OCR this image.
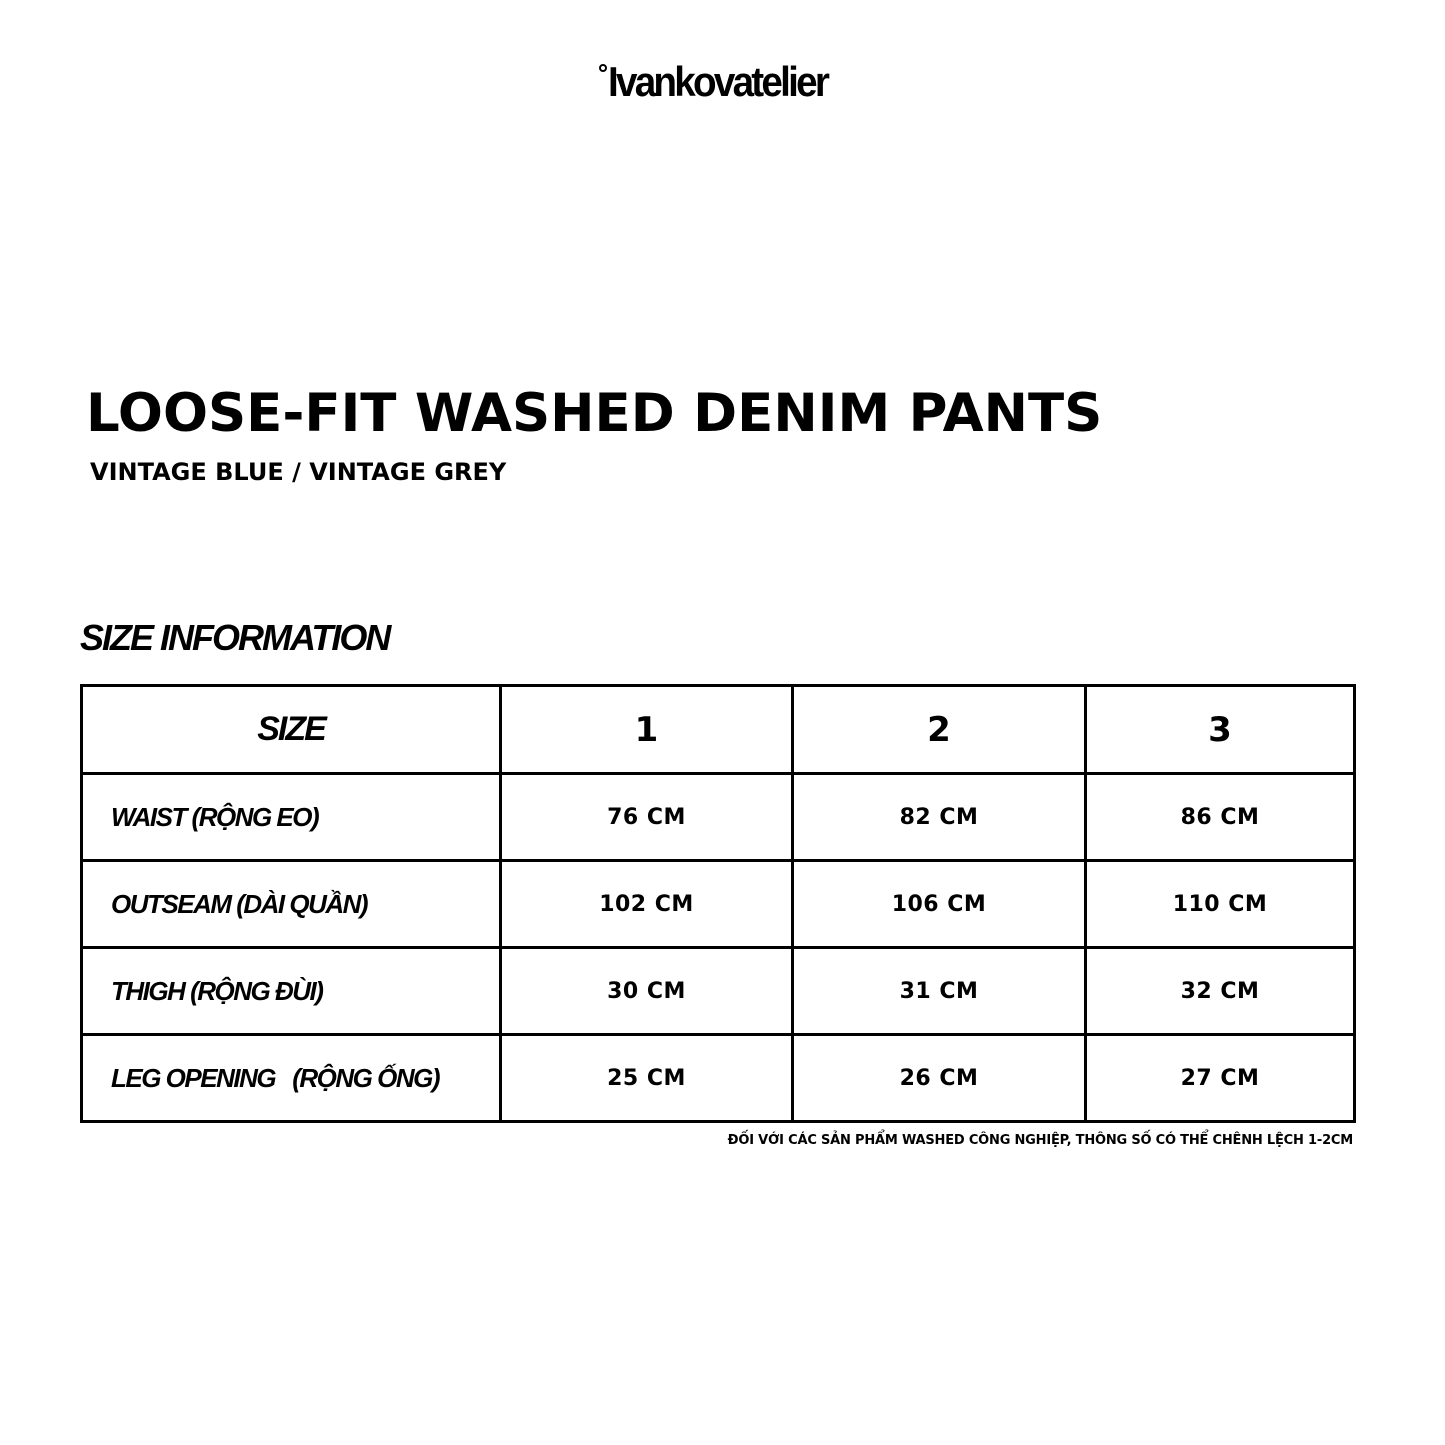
Ivankovatelier
LOOSE-FIT WASHED DENIM PANTS

VINTAGE BLUE / VINTAGE GREY

SIZE INFORMATION
SIZE	1	2	3
WAIST (RỘNG EO)	76 CM	82 CM	86 CM
OUTSEAM (DÀI QUẦN)	102 CM	106 CM	110 CM
THIGH (RỘNG ĐÙI)	30 CM	31 CM	32 CM
LEG OPENING   (RỘNG ỐNG)	25 CM	26 CM	27 CM

ĐỐI VỚI CÁC SẢN PHẨM WASHED CÔNG NGHIỆP, THÔNG SỐ CÓ THỂ CHÊNH LỆCH 1-2CM
